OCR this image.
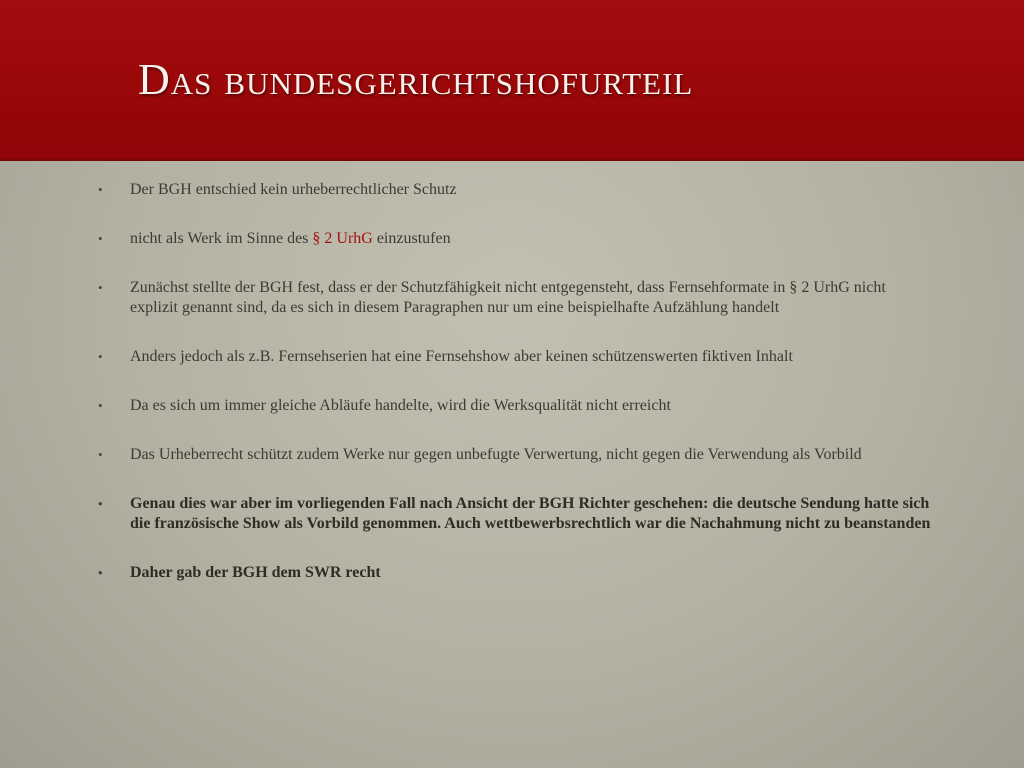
Das bundesgerichtshofurteil
• Der BGH entschied kein urheberrechtlicher Schutz
• nicht als Werk im Sinne des § 2 UrhG einzustufen
• Zunächst stellte der BGH fest, dass er der Schutzfähigkeit nicht entgegensteht, dass Fernsehformate in § 2 UrhG nicht explizit genannt sind, da es sich in diesem Paragraphen nur um eine beispielhafte Aufzählung handelt
• Anders jedoch als z.B. Fernsehserien hat eine Fernsehshow aber keinen schützenswerten fiktiven Inhalt
• Da es sich um immer gleiche Abläufe handelte, wird die Werksqualität nicht erreicht
• Das Urheberrecht schützt zudem Werke nur gegen unbefugte Verwertung, nicht gegen die Verwendung als Vorbild
• Genau dies war aber im vorliegenden Fall nach Ansicht der BGH Richter geschehen: die deutsche Sendung hatte sich die französische Show als Vorbild genommen. Auch wettbewerbsrechtlich war die Nachahmung nicht zu beanstanden
• Daher gab der BGH dem SWR recht
